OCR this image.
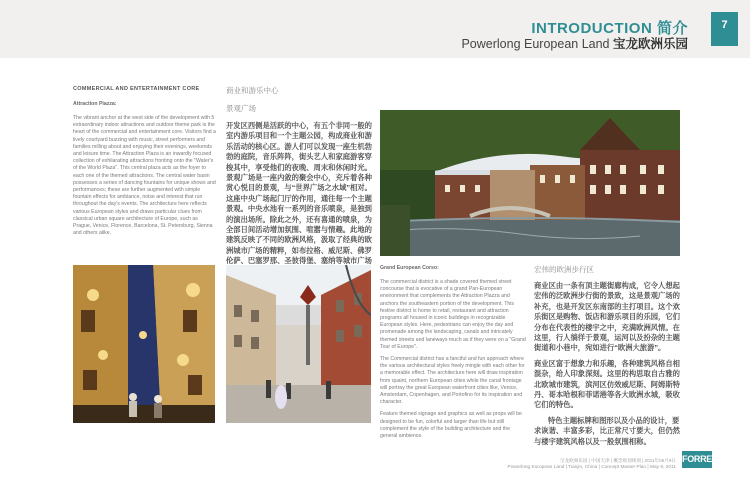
INTRODUCTION 简介
Powerlong European Land 宝龙欧洲乐园
7
COMMERCIAL AND ENTERTAINMENT CORE
Attraction Piazza:
The vibrant anchor at the west side of the development with 5 extraordinary indoor attractions and outdoor theme park is the heart of the commercial and entertainment core. Visitors find a lively courtyard buzzing with music, street performers and families milling about and enjoying their evenings, weekends and leisure time. The Attraction Plaza is an inwardly focused collection of exhilarating attractions fronting onto the "Water's of the World Plaza". This central plaza acts as the foyer to each one of the themed attractions. The central water basin possesses a series of dancing fountains for unique shows and performances; these are further augmented with simple fountain effects for ambiance, noise and interest that run throughout the day's events. The architecture here reflects various European styles and draws particular clues from classical urban square architecture of Europe, such as Prague, Venice, Florence, Barcelona, St. Petersburg, Sienna and others alike.
商业和游乐中心
景观广场
开发区西侧是活跃的中心，有五个非同一般的室内游乐项目和一个主题公园，构成商业和游乐活动的核心区。游人们可以发现一座生机勃勃的庭院，音乐阵阵，街头艺人和家庭游客穿梭其中，享受他们的夜晚、周末和休闲时光。景观广场是一座内敛的聚会中心，充斥着各种赏心悦目的景观，与“世界广场之水域”相对。这座中央广场起门厅的作用，通往每一个主题景观。中央水池有一系列的音乐喷泉，是独到的演出场所。除此之外，还有喜通的喷泉，为全部日间活动增加氛围、喧嚣与情趣。此地的建筑反映了不同的欧洲风格，汲取了经典的欧洲城市广场的精粹，如布拉格、威尼斯、佛罗伦萨、巴塞罗那、圣彼得堡、塞纳等城市广场
Grand European Corso:

The commercial district is a shade covered themed street concourse that is evocative of a grand Pan-European environment that complements the Attraction Plazza and anchors the southeastern portion of the development. This festive district is home to retail, restaurant and attraction programs all housed in iconic buildings in recognizable European styles. Here, pedestrians can enjoy the day and promenade among the landscaping, canals and intricately themed streets and laneways much as if they were on a "Grand Tour of Europe".

The Commercial district has a fanciful and fun approach where the various architectural styles freely mingle with each other for a memorable effect. The architecture here will draw inspiration from quaint, northern European cities while the canal frontage will portray the great European waterfront cities like, Venice, Amsterdam, Copenhagen, and Portofino for its inspiration and character.

Feature themed signage and graphics as well as props will be designed to be fun, colorful and larger than life but still complement the style of the building architecture and the general ambience.

宏伟的欧洲步行区

商业区由一条有顶主题街廊构成，它令人想起宏伟的泛欧洲步行街的景致，这是景观广场的补充，也是开发区东南部的主打项目。这个欢乐街区是购物、饭店和游乐项目的乐园，它们分布在代表性的楼宇之中，充满欧洲风情。在这里，行人徜徉于景观，运河以及扮杂的主题街道和小巷中，宛如进行“欧洲大旅游”。

商业区富于想象力和乐趣，各种建筑风格自相混杂，给人印象深刻。这里的构思取自古雅的北欧城市建筑，滨河区仿效威尼斯、阿姆斯特丹、哥本哈根和菲诺港等各大欧洲水城，吸收它们的特色。

特色主题标牌和图形以及小品的设计，要求诙谐、丰富多彩，比正常尺寸要大，但仍然与楼宇建筑风格以及一般氛围相称。

宝龙欧洲乐园 | 中国天津 | 概念规划规划 | 2011年05月9日
Powerlong European Land | Tianjin, China | Concept Master Plan | May 9, 2011
FORREC
